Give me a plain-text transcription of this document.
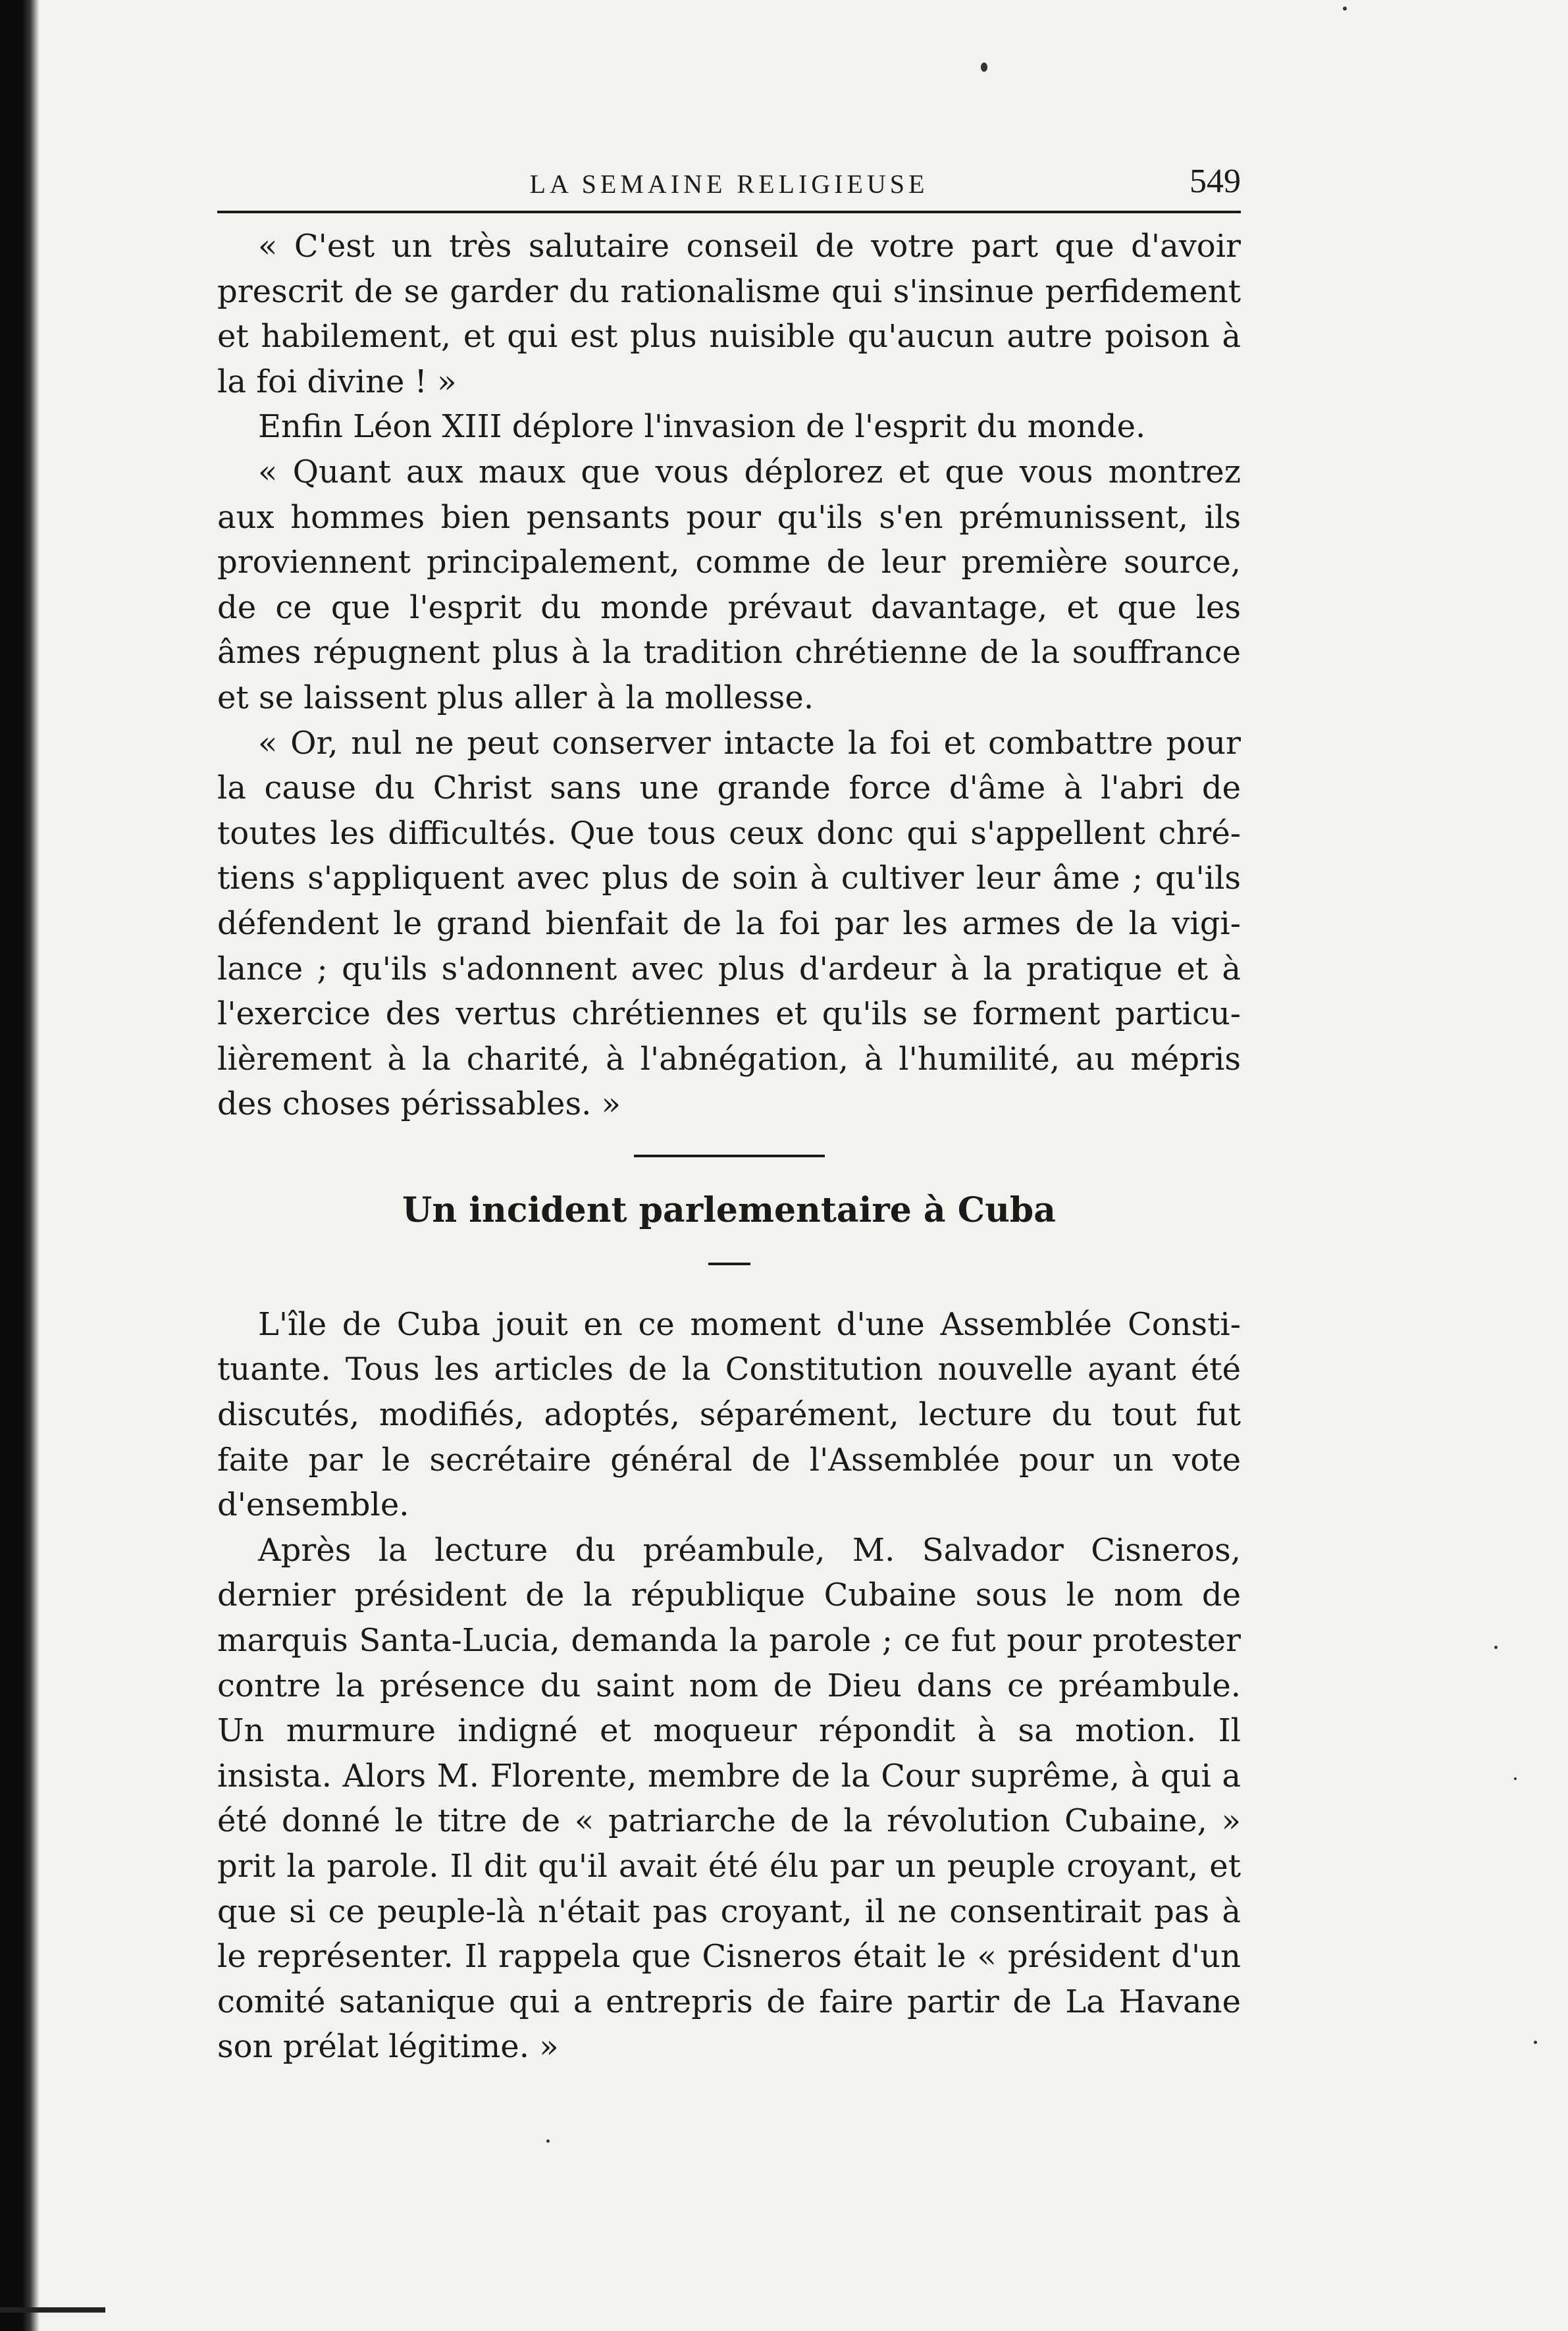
LA SEMAINE RELIGIEUSE	549

« C'est un très salutaire conseil de votre part que d'avoir prescrit de se garder du rationalisme qui s'insinue perfidement et habilement, et qui est plus nuisible qu'aucun autre poison à la foi divine ! »

Enfin Léon XIII déplore l'invasion de l'esprit du monde.

« Quant aux maux que vous déplorez et que vous montrez aux hommes bien pensants pour qu'ils s'en prémunissent, ils proviennent principalement, comme de leur première source, de ce que l'esprit du monde prévaut davantage, et que les âmes répugnent plus à la tradition chrétienne de la souffrance et se laissent plus aller à la mollesse.

« Or, nul ne peut conserver intacte la foi et combattre pour la cause du Christ sans une grande force d'âme à l'abri de toutes les difficultés. Que tous ceux donc qui s'appellent chrétiens s'appliquent avec plus de soin à cultiver leur âme ; qu'ils défendent le grand bienfait de la foi par les armes de la vigilance ; qu'ils s'adonnent avec plus d'ardeur à la pratique et à l'exercice des vertus chrétiennes et qu'ils se forment particulièrement à la charité, à l'abnégation, à l'humilité, au mépris des choses périssables. »

Un incident parlementaire à Cuba

L'île de Cuba jouit en ce moment d'une Assemblée Constituante. Tous les articles de la Constitution nouvelle ayant été discutés, modifiés, adoptés, séparément, lecture du tout fut faite par le secrétaire général de l'Assemblée pour un vote d'ensemble.

Après la lecture du préambule, M. Salvador Cisneros, dernier président de la république Cubaine sous le nom de marquis Santa-Lucia, demanda la parole ; ce fut pour protester contre la présence du saint nom de Dieu dans ce préambule. Un murmure indigné et moqueur répondit à sa motion. Il insista. Alors M. Florente, membre de la Cour suprême, à qui a été donné le titre de « patriarche de la révolution Cubaine, » prit la parole. Il dit qu'il avait été élu par un peuple croyant, et que si ce peuple-là n'était pas croyant, il ne consentirait pas à le représenter. Il rappela que Cisneros était le « président d'un comité satanique qui a entrepris de faire partir de La Havane son prélat légitime. »
